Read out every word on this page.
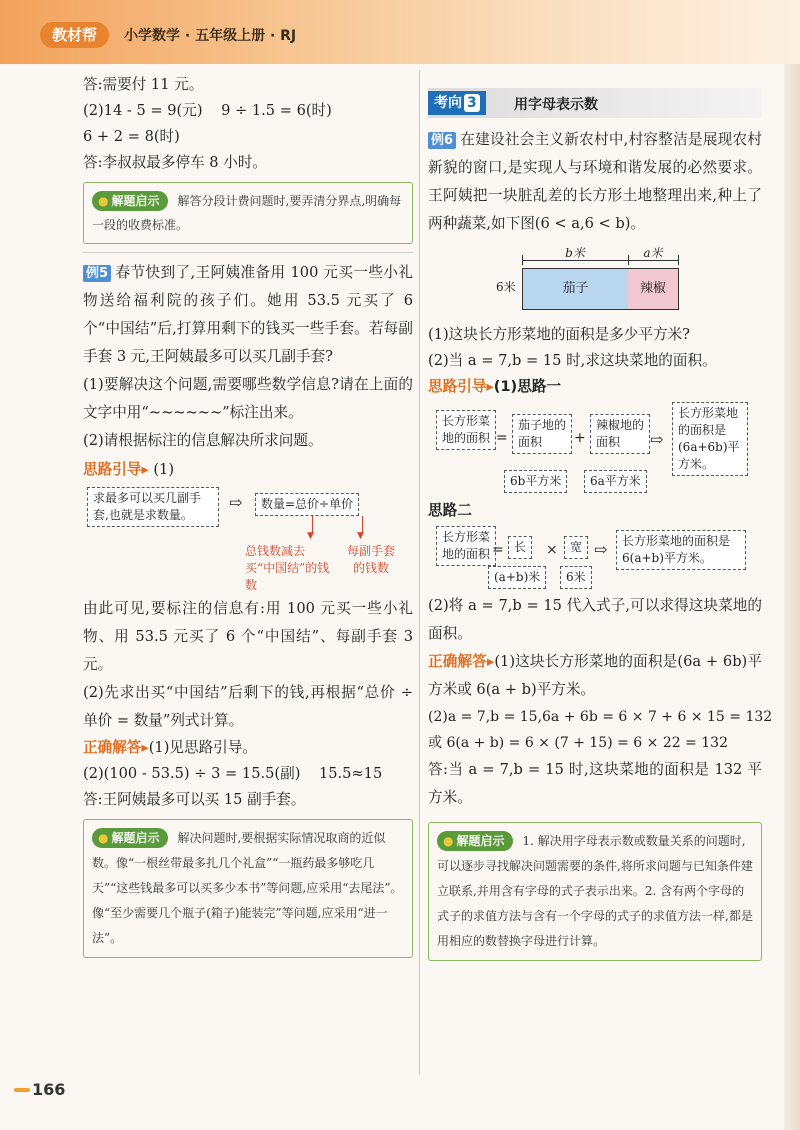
教材帮	小学数学 · 五年级上册 · RJ

答:需要付 11 元。

(2)14 - 5 = 9(元)    9 ÷ 1.5 = 6(时)

6 + 2 = 8(时)

答:李叔叔最多停车 8 小时。

● 解题启示 解答分段计费问题时,要弄清分界点,明确每一段的收费标准。

例5 春节快到了,王阿姨准备用 100 元买一些小礼物送给福利院的孩子们。她用 53.5 元买了 6 个“中国结”后,打算用剩下的钱买一些手套。若每副手套 3 元,王阿姨最多可以买几副手套?

(1)要解决这个问题,需要哪些数学信息?请在上面的文字中用“~~~~~~”标注出来。

(2)请根据标注的信息解决所求问题。

思路引导▸ (1)

求最多可以买几副手套,也就是求数量。
⇨	数量=总价÷单价
▼	▼
总钱数减去买“中国结”的钱数
每副手套的钱数

由此可见,要标注的信息有:用 100 元买一些小礼物、用 53.5 元买了 6 个“中国结”、每副手套 3 元。

(2)先求出买“中国结”后剩下的钱,再根据“总价 ÷ 单价 = 数量”列式计算。

正确解答▸(1)见思路引导。

(2)(100 - 53.5) ÷ 3 = 15.5(副)    15.5≈15

答:王阿姨最多可以买 15 副手套。

● 解题启示 解决问题时,要根据实际情况取商的近似数。像“一根丝带最多扎几个礼盒”“一瓶药最多够吃几天”“这些钱最多可以买多少本书”等问题,应采用“去尾法”。像“至少需要几个瓶子(箱子)能装完”等问题,应采用“进一法”。
考向 3	用字母表示数

例6 在建设社会主义新农村中,村容整洁是展现农村新貌的窗口,是实现人与环境和谐发展的必然要求。王阿姨把一块脏乱差的长方形土地整理出来,种上了两种蔬菜,如下图(6 < a,6 < b)。

b米	a米
6米	茄子	辣椒

(1)这块长方形菜地的面积是多少平方米?

(2)当 a = 7,b = 15 时,求这块菜地的面积。

思路引导▸(1)思路一

长方形菜地的面积 =
茄子地的面积	+
辣椒地的面积	⇨
长方形菜地的面积是(6a+6b)平方米。
6b平方米	6a平方米

思路二

长方形菜地的面积 = 长	×	宽 ⇨	长方形菜地的面积是6(a+b)平方米。
(a+b)米	6米

(2)将 a = 7,b = 15 代入式子,可以求得这块菜地的面积。

正确解答▸(1)这块长方形菜地的面积是(6a + 6b)平方米或 6(a + b)平方米。

(2)a = 7,b = 15,6a + 6b = 6 × 7 + 6 × 15 = 132

或 6(a + b) = 6 × (7 + 15) = 6 × 22 = 132

答:当 a = 7,b = 15 时,这块菜地的面积是 132 平方米。

● 解题启示 1. 解决用字母表示数或数量关系的问题时,可以逐步寻找解决问题需要的条件,将所求问题与已知条件建立联系,并用含有字母的式子表示出来。2. 含有两个字母的式子的求值方法与含有一个字母的式子的求值方法一样,都是用相应的数替换字母进行计算。
166
